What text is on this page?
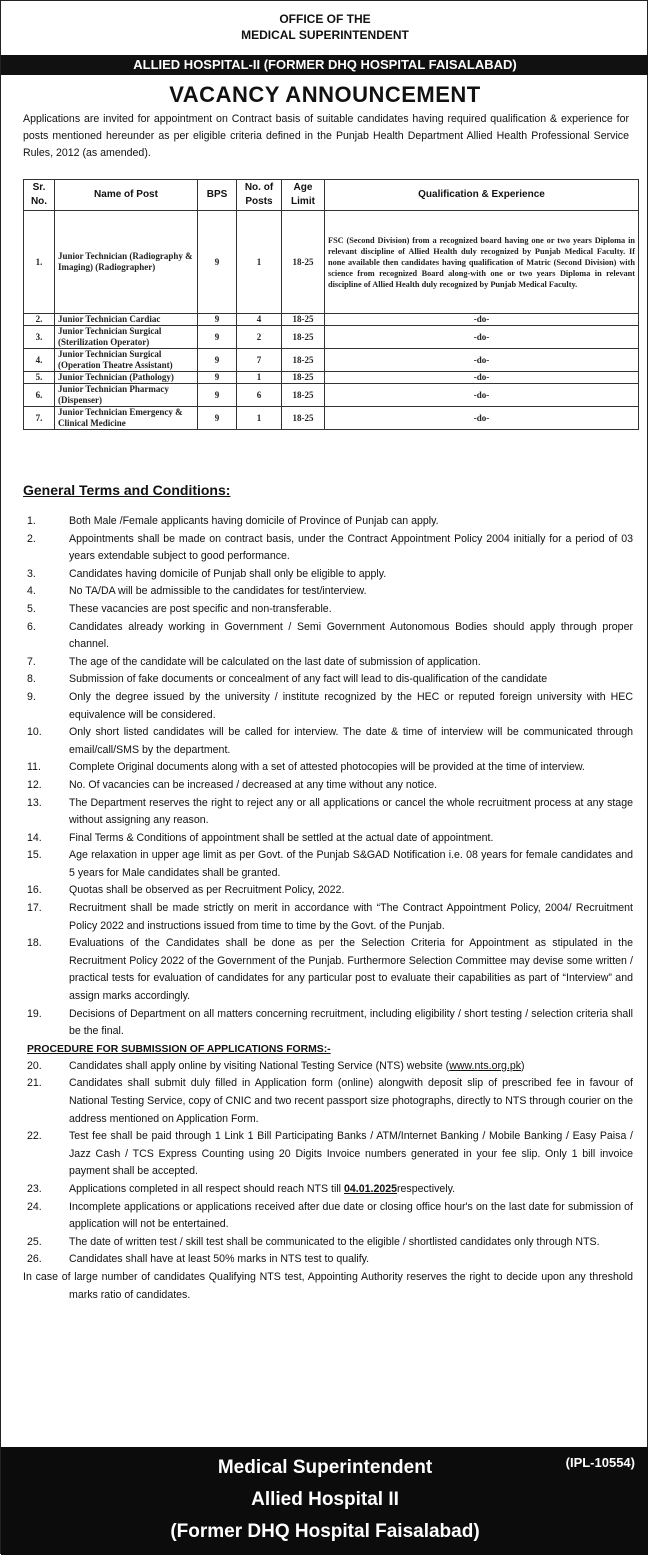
OFFICE OF THE
MEDICAL SUPERINTENDENT
ALLIED HOSPITAL-II (FORMER DHQ HOSPITAL FAISALABAD)
VACANCY ANNOUNCEMENT
Applications are invited for appointment on Contract basis of suitable candidates having required qualification & experience for posts mentioned hereunder as per eligible criteria defined in the Punjab Health Department Allied Health Professional Service Rules, 2012 (as amended).
Sr. No.	Name of Post	BPS	No. of Posts	Age Limit	Qualification & Experience
1.	Junior Technician (Radiography & Imaging) (Radiographer)	9	1	18-25	FSC (Second Division) from a recognized board having one or two years Diploma in relevant discipline of Allied Health duly recognized by Punjab Medical Faculty. If none available then candidates having qualification of Matric (Second Division) with science from recognized Board along-with one or two years Diploma in relevant discipline of Allied Health duly recognized by Punjab Medical Faculty.
2.	Junior Technician Cardiac	9	4	18-25	-do-
3.	Junior Technician Surgical (Sterilization Operator)	9	2	18-25	-do-
4.	Junior Technician Surgical (Operation Theatre Assistant)	9	7	18-25	-do-
5.	Junior Technician (Pathology)	9	1	18-25	-do-
6.	Junior Technician Pharmacy (Dispenser)	9	6	18-25	-do-
7.	Junior Technician Emergency & Clinical Medicine	9	1	18-25	-do-
General Terms and Conditions:
1.	Both Male /Female applicants having domicile of Province of Punjab can apply.
2.	Appointments shall be made on contract basis, under the Contract Appointment Policy 2004 initially for a period of 03 years extendable subject to good performance.
3.	Candidates having domicile of Punjab shall only be eligible to apply.
4.	No TA/DA will be admissible to the candidates for test/interview.
5.	These vacancies are post specific and non-transferable.
6.	Candidates already working in Government / Semi Government Autonomous Bodies should apply through proper channel.
7.	The age of the candidate will be calculated on the last date of submission of application.
8.	Submission of fake documents or concealment of any fact will lead to dis-qualification of the candidate
9.	Only the degree issued by the university / institute recognized by the HEC or reputed foreign university with HEC equivalence will be considered.
10.	Only short listed candidates will be called for interview. The date & time of interview will be communicated through email/call/SMS by the department.
11.	Complete Original documents along with a set of attested photocopies will be provided at the time of interview.
12.	No. Of vacancies can be increased / decreased at any time without any notice.
13.	The Department reserves the right to reject any or all applications or cancel the whole recruitment process at any stage without assigning any reason.
14.	Final Terms & Conditions of appointment shall be settled at the actual date of appointment.
15.	Age relaxation in upper age limit as per Govt. of the Punjab S&GAD Notification i.e. 08 years for female candidates and 5 years for Male candidates shall be granted.
16.	Quotas shall be observed as per Recruitment Policy, 2022.
17.	Recruitment shall be made strictly on merit in accordance with “The Contract Appointment Policy, 2004/ Recruitment Policy 2022 and instructions issued from time to time by the Govt. of the Punjab.
18.	Evaluations of the Candidates shall be done as per the Selection Criteria for Appointment as stipulated in the Recruitment Policy 2022 of the Government of the Punjab. Furthermore Selection Committee may devise some written / practical tests for evaluation of candidates for any particular post to evaluate their capabilities as part of “Interview” and assign marks accordingly.
19.	Decisions of Department on all matters concerning recruitment, including eligibility / short testing / selection criteria shall be the final.
PROCEDURE FOR SUBMISSION OF APPLICATIONS FORMS:-
20.	Candidates shall apply online by visiting National Testing Service (NTS) website (www.nts.org.pk)
21.	Candidates shall submit duly filled in Application form (online) alongwith deposit slip of prescribed fee in favour of National Testing Service, copy of CNIC and two recent passport size photographs, directly to NTS through courier on the address mentioned on Application Form.
22.	Test fee shall be paid through 1 Link 1 Bill Participating Banks / ATM/Internet Banking / Mobile Banking / Easy Paisa / Jazz Cash / TCS Express Counting using 20 Digits Invoice numbers generated in your fee slip. Only 1 bill invoice payment shall be accepted.
23.	Applications completed in all respect should reach NTS till 04.01.2025respectively.
24.	Incomplete applications or applications received after due date or closing office hour's on the last date for submission of application will not be entertained.
25.	The date of written test / skill test shall be communicated to the eligible / shortlisted candidates only through NTS.
26.	Candidates shall have at least 50% marks in NTS test to qualify.
In case of large number of candidates Qualifying NTS test, Appointing Authority reserves the right to decide upon any threshold marks ratio of candidates.
(IPL-10554)
Medical Superintendent
Allied Hospital II
(Former DHQ Hospital Faisalabad)
